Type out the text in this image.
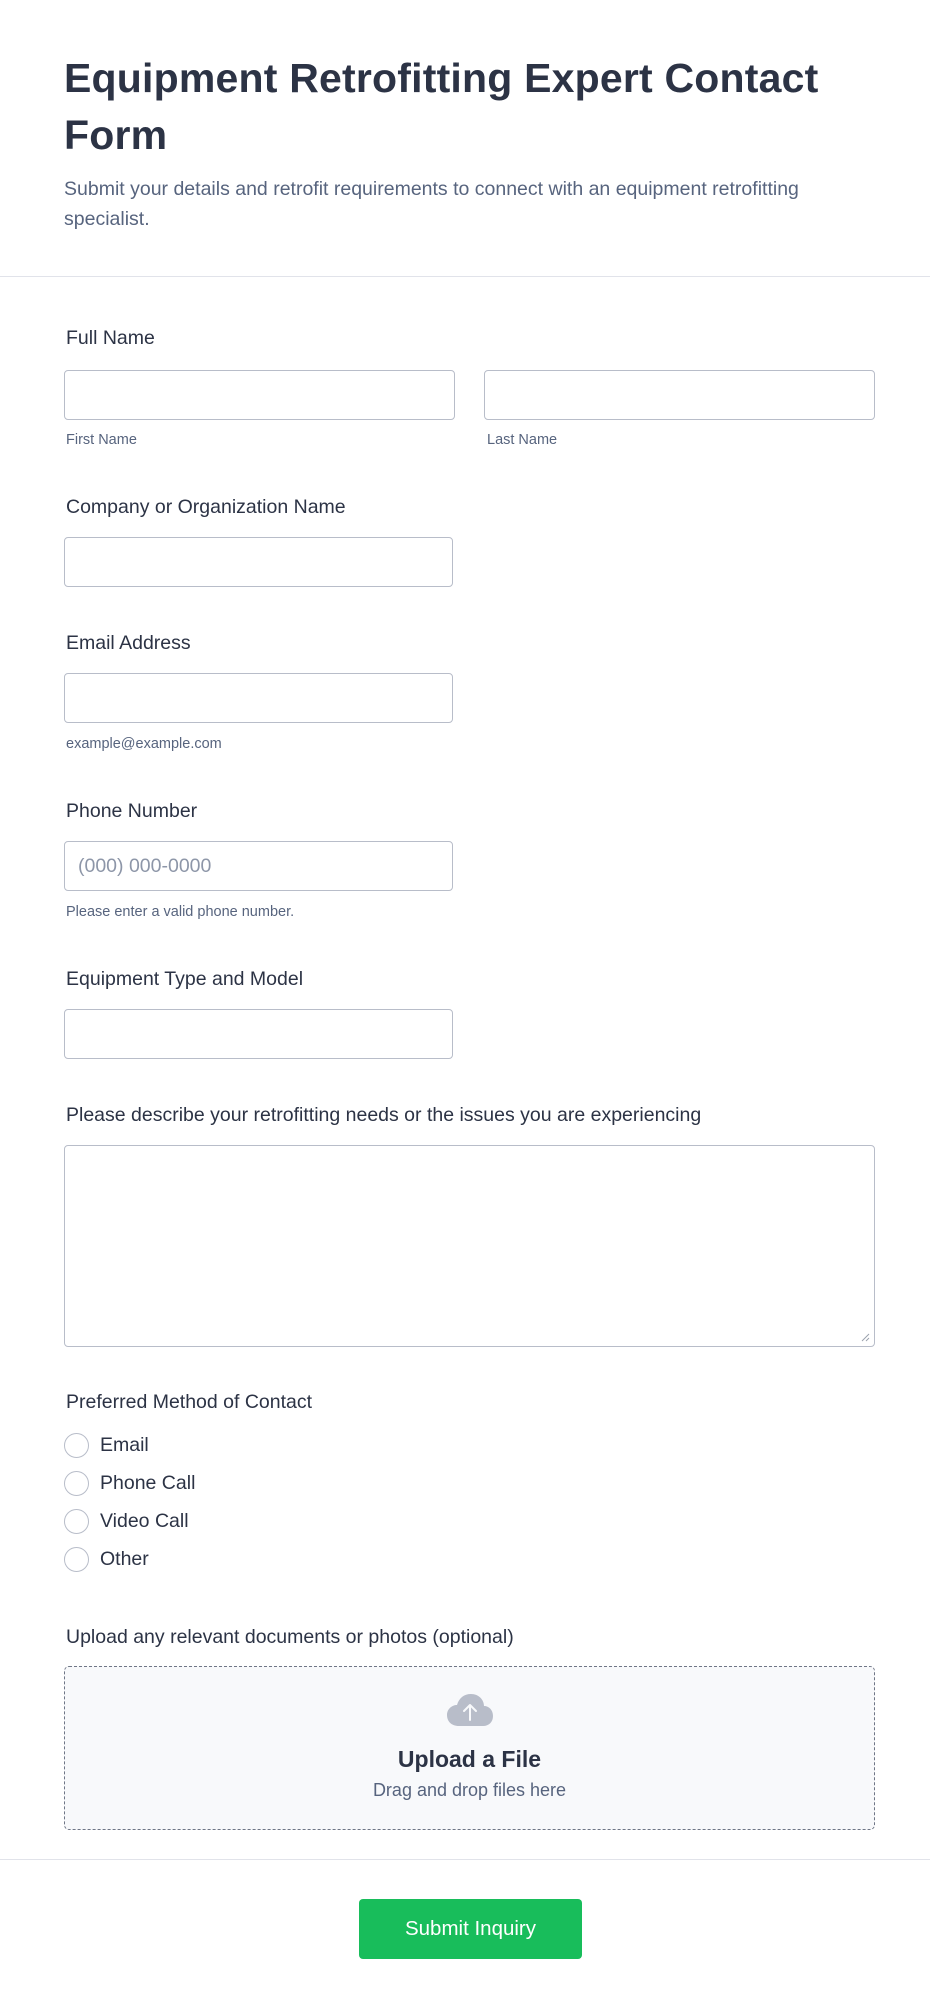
Equipment Retrofitting Expert Contact Form
Submit your details and retrofit requirements to connect with an equipment retrofitting specialist.
Full Name
First Name	Last Name
Company or Organization Name
Email Address
example@example.com
Phone Number
(000) 000-0000
Please enter a valid phone number.
Equipment Type and Model
Please describe your retrofitting needs or the issues you are experiencing
Preferred Method of Contact
Email
Phone Call
Video Call
Other
Upload any relevant documents or photos (optional)
Upload a File
Drag and drop files here
Submit Inquiry
